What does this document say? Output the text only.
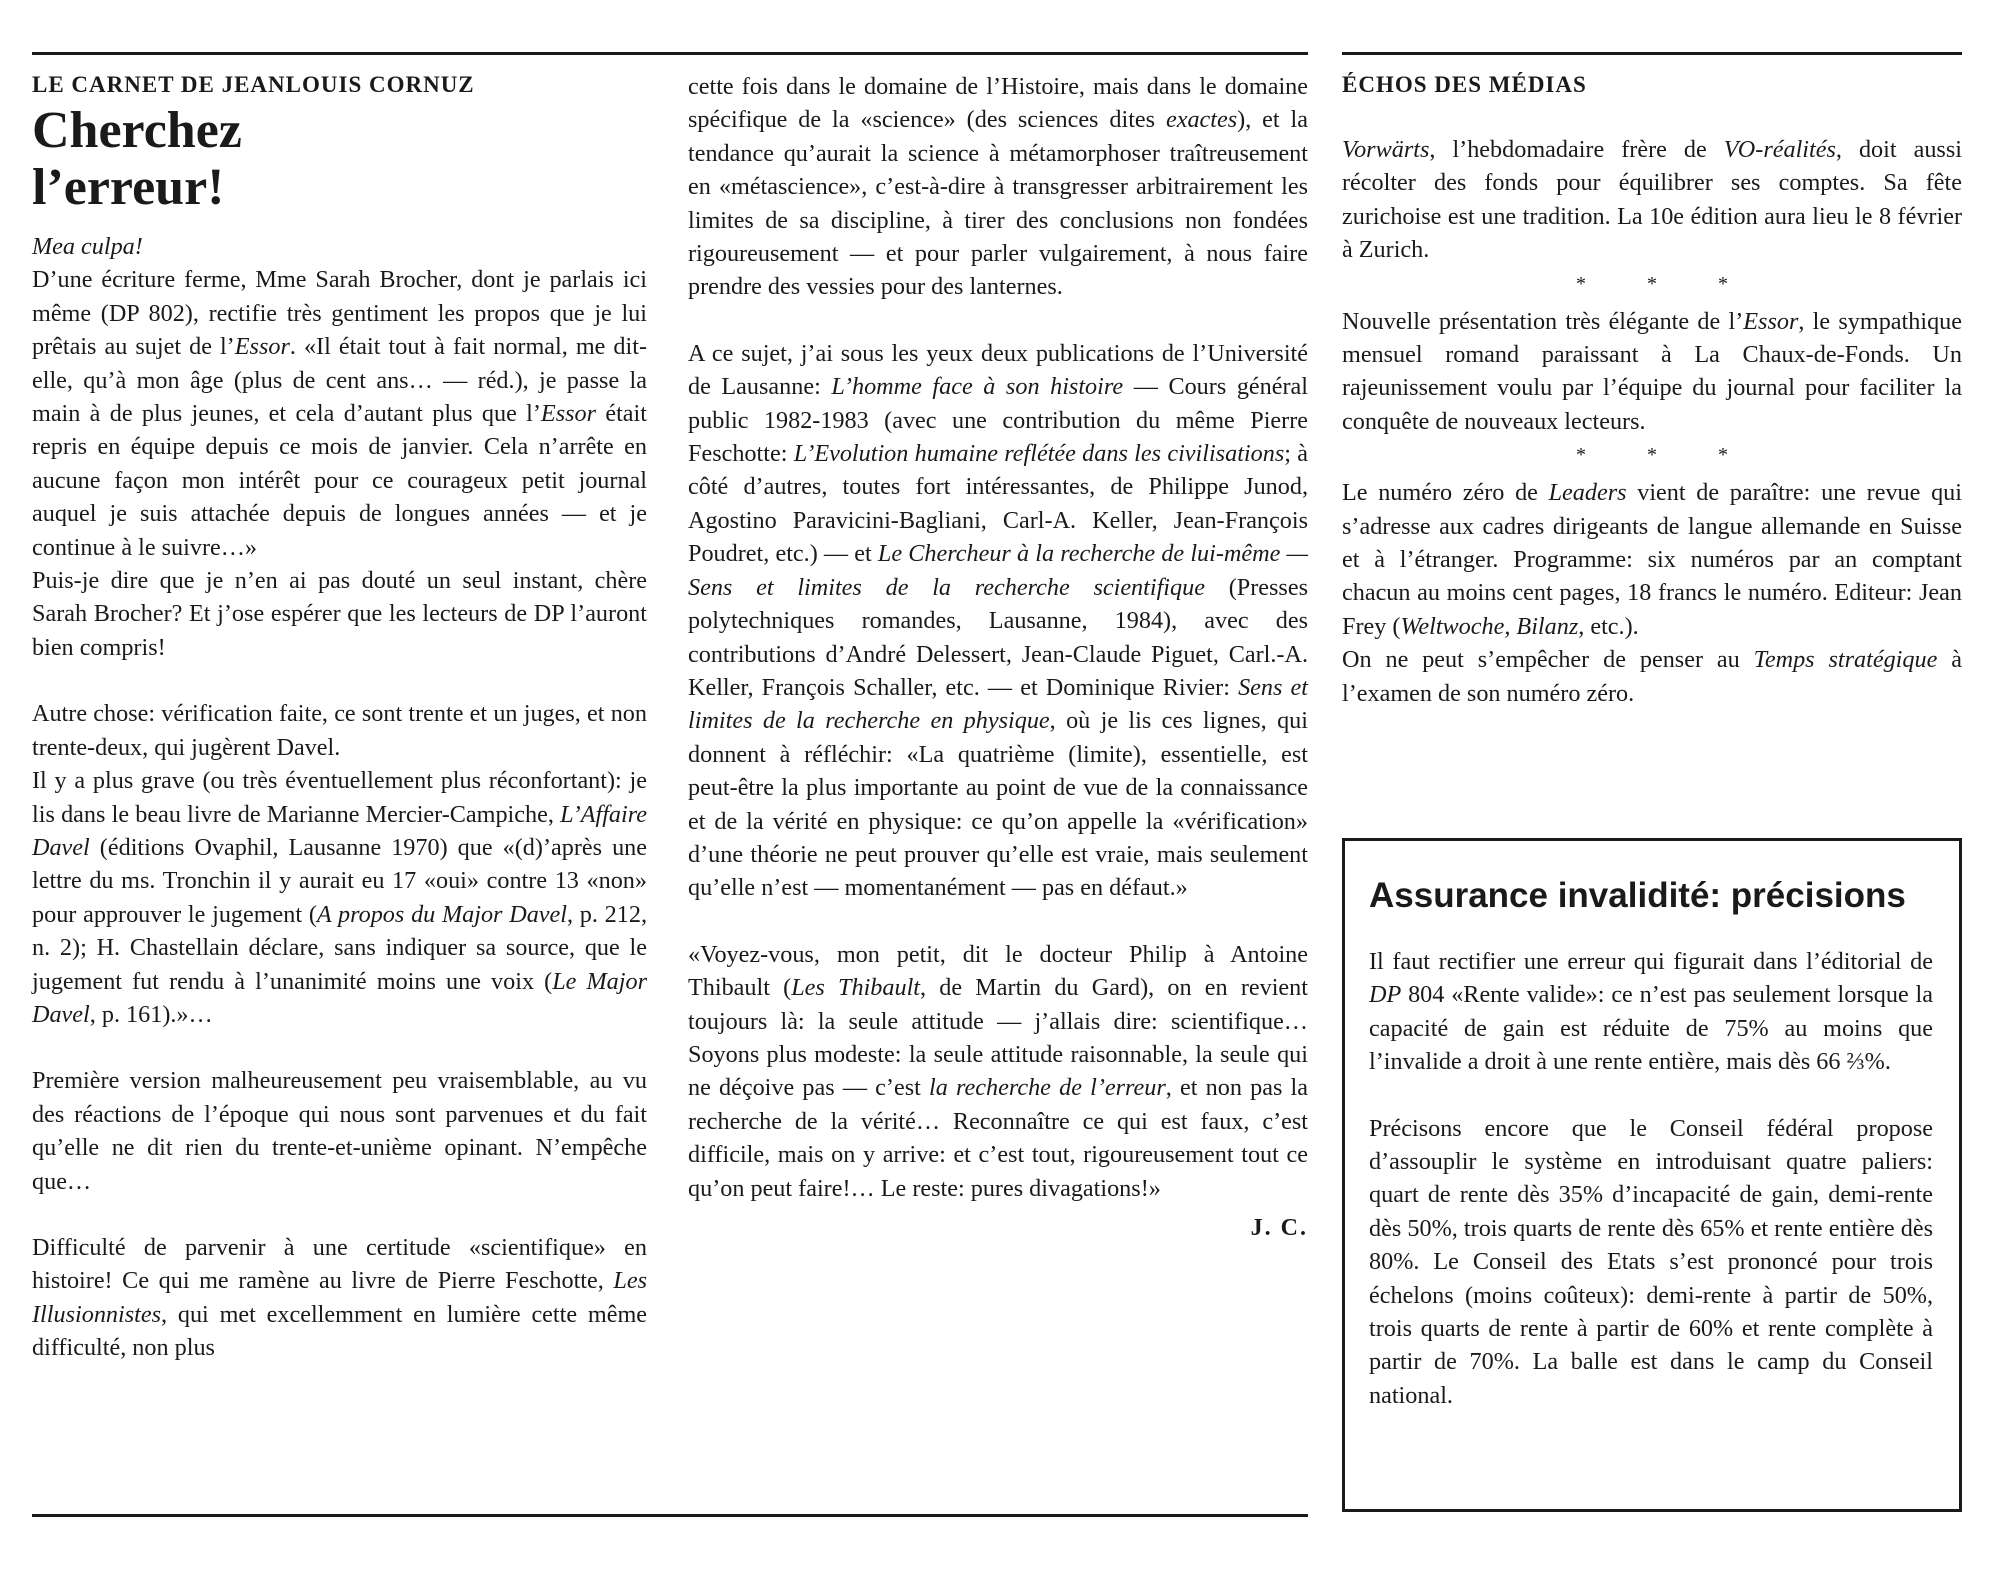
LE CARNET DE JEANLOUIS CORNUZ
Cherchez
l’erreur!

Mea culpa!

D’une écriture ferme, Mme Sarah Brocher, dont je parlais ici même (DP 802), rectifie très gentiment les propos que je lui prêtais au sujet de l’Essor. «Il était tout à fait normal, me dit-elle, qu’à mon âge (plus de cent ans… — réd.), je passe la main à de plus jeunes, et cela d’autant plus que l’Essor était repris en équipe depuis ce mois de janvier. Cela n’arrête en aucune façon mon intérêt pour ce courageux petit journal auquel je suis attachée depuis de longues années — et je continue à le suivre…»

Puis-je dire que je n’en ai pas douté un seul instant, chère Sarah Brocher? Et j’ose espérer que les lecteurs de DP l’auront bien compris!

Autre chose: vérification faite, ce sont trente et un juges, et non trente-deux, qui jugèrent Davel.

Il y a plus grave (ou très éventuellement plus réconfortant): je lis dans le beau livre de Marianne Mercier-Campiche, L’Affaire Davel (éditions Ovaphil, Lausanne 1970) que «(d)’après une lettre du ms. Tronchin il y aurait eu 17 «oui» contre 13 «non» pour approuver le jugement (A propos du Major Davel, p. 212, n. 2); H. Chastellain déclare, sans indiquer sa source, que le jugement fut rendu à l’unanimité moins une voix (Le Major Davel, p. 161).»…

Première version malheureusement peu vraisemblable, au vu des réactions de l’époque qui nous sont parvenues et du fait qu’elle ne dit rien du trente-et-unième opinant. N’empêche que…

Difficulté de parvenir à une certitude «scientifique» en histoire! Ce qui me ramène au livre de Pierre Feschotte, Les Illusionnistes, qui met excellemment en lumière cette même difficulté, non plus

cette fois dans le domaine de l’Histoire, mais dans le domaine spécifique de la «science» (des sciences dites exactes), et la tendance qu’aurait la science à métamorphoser traîtreusement en «métascience», c’est-à-dire à transgresser arbitrairement les limites de sa discipline, à tirer des conclusions non fondées rigoureusement — et pour parler vulgairement, à nous faire prendre des vessies pour des lanternes.

A ce sujet, j’ai sous les yeux deux publications de l’Université de Lausanne: L’homme face à son histoire — Cours général public 1982-1983 (avec une contribution du même Pierre Feschotte: L’Evolution humaine reflétée dans les civilisations; à côté d’autres, toutes fort intéressantes, de Philippe Junod, Agostino Paravicini-Bagliani, Carl-A. Keller, Jean-François Poudret, etc.) — et Le Chercheur à la recherche de lui-même — Sens et limites de la recherche scientifique (Presses polytechniques romandes, Lausanne, 1984), avec des contributions d’André Delessert, Jean-Claude Piguet, Carl.-A. Keller, François Schaller, etc. — et Dominique Rivier: Sens et limites de la recherche en physique, où je lis ces lignes, qui donnent à réfléchir: «La quatrième (limite), essentielle, est peut-être la plus importante au point de vue de la connaissance et de la vérité en physique: ce qu’on appelle la «vérification» d’une théorie ne peut prouver qu’elle est vraie, mais seulement qu’elle n’est — momentanément — pas en défaut.»

«Voyez-vous, mon petit, dit le docteur Philip à Antoine Thibault (Les Thibault, de Martin du Gard), on en revient toujours là: la seule attitude — j’allais dire: scientifique… Soyons plus modeste: la seule attitude raisonnable, la seule qui ne déçoive pas — c’est la recherche de l’erreur, et non pas la recherche de la vérité… Reconnaître ce qui est faux, c’est difficile, mais on y arrive: et c’est tout, rigoureusement tout ce qu’on peut faire!… Le reste: pures divagations!»

J. C.
ÉCHOS DES MÉDIAS

Vorwärts, l’hebdomadaire frère de VO-réalités, doit aussi récolter des fonds pour équilibrer ses comptes. Sa fête zurichoise est une tradition. La 10e édition aura lieu le 8 février à Zurich.

* * *

Nouvelle présentation très élégante de l’Essor, le sympathique mensuel romand paraissant à La Chaux-de-Fonds. Un rajeunissement voulu par l’équipe du journal pour faciliter la conquête de nouveaux lecteurs.

* * *

Le numéro zéro de Leaders vient de paraître: une revue qui s’adresse aux cadres dirigeants de langue allemande en Suisse et à l’étranger. Programme: six numéros par an comptant chacun au moins cent pages, 18 francs le numéro. Editeur: Jean Frey (Weltwoche, Bilanz, etc.).

On ne peut s’empêcher de penser au Temps stratégique à l’examen de son numéro zéro.

Assurance invalidité: précisions

Il faut rectifier une erreur qui figurait dans l’éditorial de DP 804 «Rente valide»: ce n’est pas seulement lorsque la capacité de gain est réduite de 75% au moins que l’invalide a droit à une rente entière, mais dès 66 ⅔%.

Précisons encore que le Conseil fédéral propose d’assouplir le système en introduisant quatre paliers: quart de rente dès 35% d’incapacité de gain, demi-rente dès 50%, trois quarts de rente dès 65% et rente entière dès 80%. Le Conseil des Etats s’est prononcé pour trois échelons (moins coûteux): demi-rente à partir de 50%, trois quarts de rente à partir de 60% et rente complète à partir de 70%. La balle est dans le camp du Conseil national.
